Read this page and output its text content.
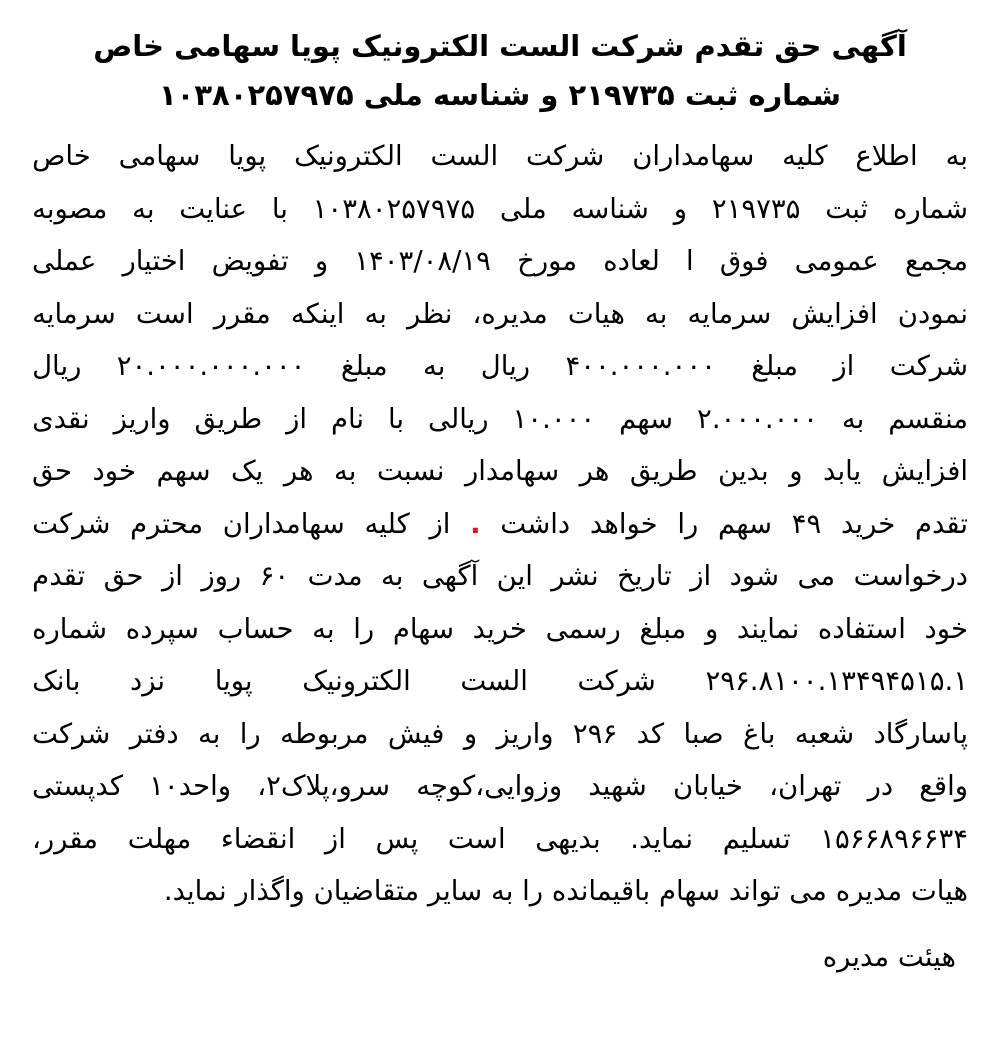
آگهی حق تقدم شرکت الست الکترونیک پویا سهامی خاص
شماره ثبت ۲۱۹۷۳۵ و شناسه ملی ۱۰۳۸۰۲۵۷۹۷۵
به
اطلاع
کلیه
سهامداران
شرکت
الست
الکترونیک
پویا
سهامی
خاص
شماره
ثبت
۲۱۹۷۳۵
و
شناسه
ملی
۱۰۳۸۰۲۵۷۹۷۵
با
عنایت
به
مصوبه
مجمع
عمومی
فوق
ا
لعاده
مورخ
۱۴۰۳/۰۸/۱۹
و
تفویض
اختیار
عملی
نمودن
افزایش
سرمایه
به
هیات
مدیره،
نظر
به
اینکه
مقرر
است
سرمایه
شرکت
از
مبلغ
۴۰۰.۰۰۰.۰۰۰
ریال
به
مبلغ
۲۰.۰۰۰.۰۰۰.۰۰۰
ریال
منقسم
به
۲.۰۰۰.۰۰۰
سهم
۱۰.۰۰۰
ریالی
با
نام
از
طریق
واریز
نقدی
افزایش
یابد
و
بدین
طریق
هر
سهامدار
نسبت
به
هر
یک
سهم
خود
حق
تقدم
خرید
۴۹
سهم
را
خواهد
داشت
.
از
کلیه
سهامداران
محترم
شرکت
درخواست
می
شود
از
تاریخ
نشر
این
آگهی
به
مدت
۶۰
روز
از
حق
تقدم
خود
استفاده
نمایند
و
مبلغ
رسمی
خرید
سهام
را
به
حساب
سپرده
شماره
۲۹۶.۸۱۰۰.۱۳۴۹۴۵۱۵.۱
شرکت
الست
الکترونیک
پویا
نزد
بانک
پاسارگاد
شعبه
باغ
صبا
کد
۲۹۶
واریز
و
فیش
مربوطه
را
به
دفتر
شرکت
واقع
در
تهران،
خیابان
شهید
وزوایی،کوچه
سرو،پلاک۲،
واحد۱۰
کدپستی
۱۵۶۶۸۹۶۶۳۴
تسلیم
نماید.
بدیهی
است
پس
از
انقضاء
مهلت
مقرر،
هیاتمدیرهمیتواندسهامباقیماندهرابهسایرمتقاضیانواگذارنماید.
هیئت مدیره
